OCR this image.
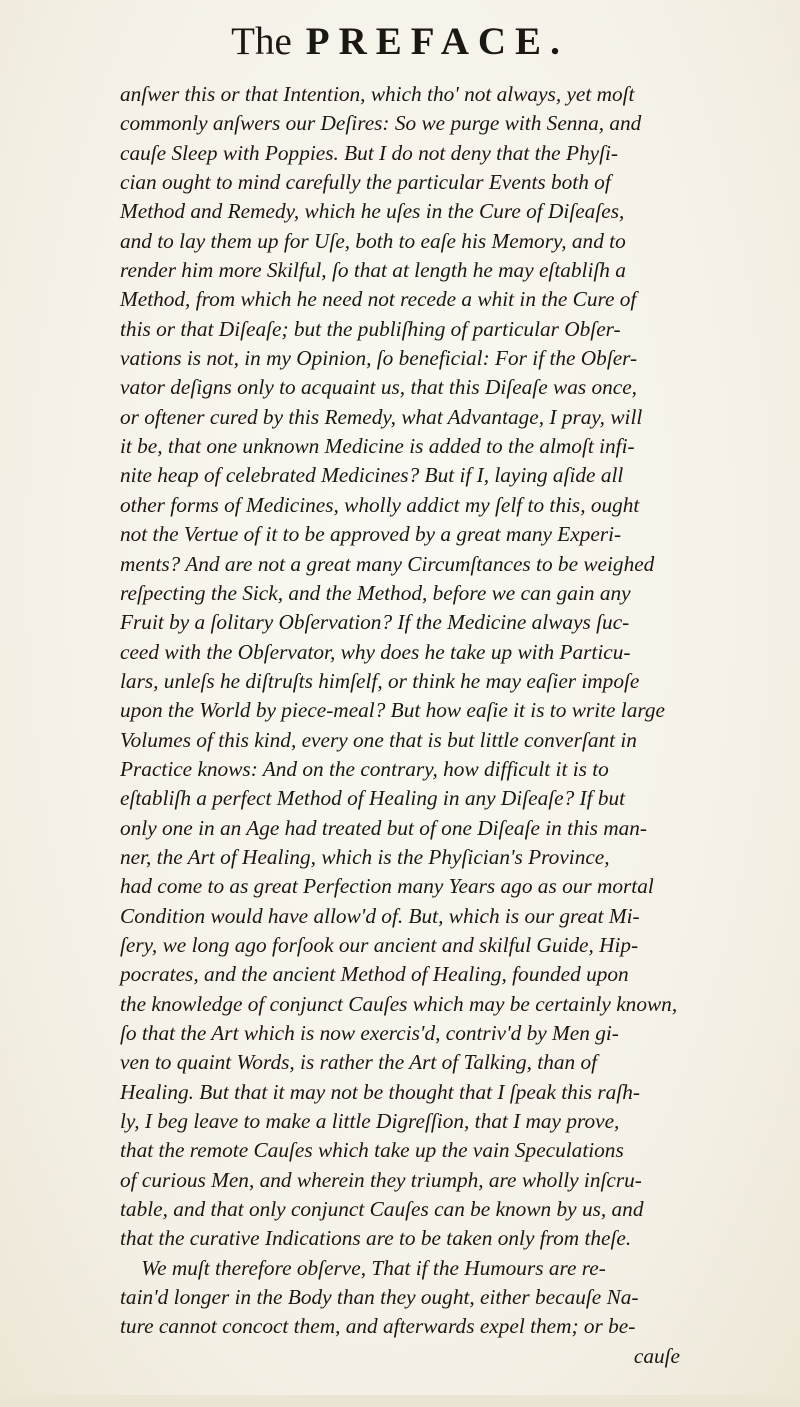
The PREFACE.
anſwer this or that Intention, which tho' not always, yet moſt
commonly anſwers our Deſires: So we purge with Senna, and
cauſe Sleep with Poppies. But I do not deny that the Phyſi-
cian ought to mind carefully the particular Events both of
Method and Remedy, which he uſes in the Cure of Diſeaſes,
and to lay them up for Uſe, both to eaſe his Memory, and to
render him more Skilful, ſo that at length he may eſtabliſh a
Method, from which he need not recede a whit in the Cure of
this or that Diſeaſe; but the publiſhing of particular Obſer-
vations is not, in my Opinion, ſo beneficial: For if the Obſer-
vator deſigns only to acquaint us, that this Diſeaſe was once,
or oftener cured by this Remedy, what Advantage, I pray, will
it be, that one unknown Medicine is added to the almoſt infi-
nite heap of celebrated Medicines? But if I, laying aſide all
other forms of Medicines, wholly addict my ſelf to this, ought
not the Vertue of it to be approved by a great many Experi-
ments? And are not a great many Circumſtances to be weighed
reſpecting the Sick, and the Method, before we can gain any
Fruit by a ſolitary Obſervation? If the Medicine always ſuc-
ceed with the Obſervator, why does he take up with Particu-
lars, unleſs he diſtruſts himſelf, or think he may eaſier impoſe
upon the World by piece-meal? But how eaſie it is to write large
Volumes of this kind, every one that is but little converſant in
Practice knows: And on the contrary, how difficult it is to
eſtabliſh a perfect Method of Healing in any Diſeaſe? If but
only one in an Age had treated but of one Diſeaſe in this man-
ner, the Art of Healing, which is the Phyſician's Province,
had come to as great Perfection many Years ago as our mortal
Condition would have allow'd of. But, which is our great Mi-
ſery, we long ago forſook our ancient and skilful Guide, Hip-
pocrates, and the ancient Method of Healing, founded upon
the knowledge of conjunct Cauſes which may be certainly known,
ſo that the Art which is now exercis'd, contriv'd by Men gi-
ven to quaint Words, is rather the Art of Talking, than of
Healing. But that it may not be thought that I ſpeak this raſh-
ly, I beg leave to make a little Digreſſion, that I may prove,
that the remote Cauſes which take up the vain Speculations
of curious Men, and wherein they triumph, are wholly inſcru-
table, and that only conjunct Cauſes can be known by us, and
that the curative Indications are to be taken only from theſe.
We muſt therefore obſerve, That if the Humours are re-
tain'd longer in the Body than they ought, either becauſe Na-
ture cannot concoct them, and afterwards expel them; or be-
cauſe
